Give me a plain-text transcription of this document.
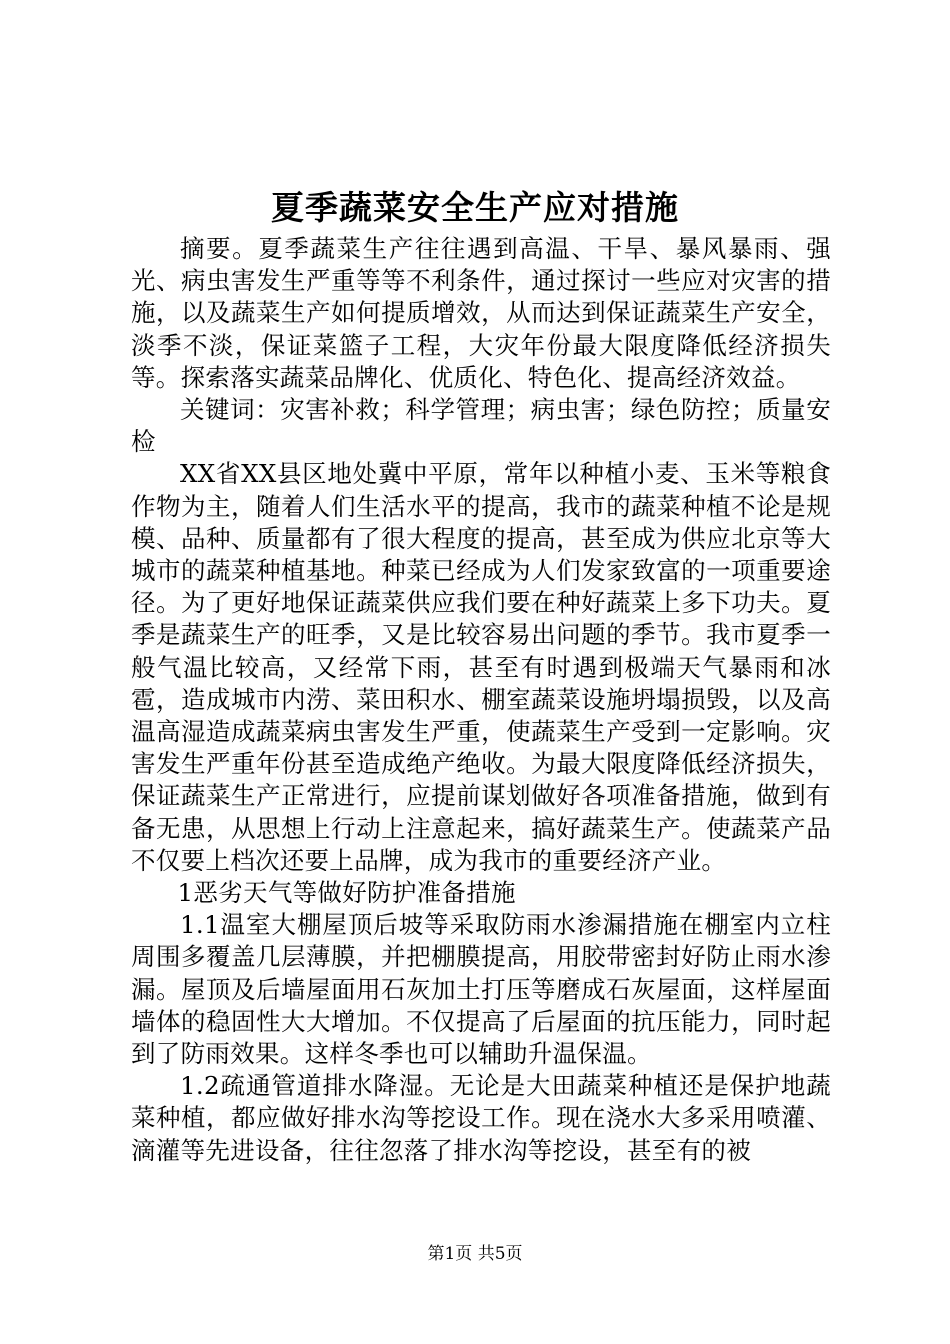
夏季蔬菜安全生产应对措施

摘要。夏季蔬菜生产往往遇到高温、干旱、暴风暴雨、强光、病虫害发生严重等等不利条件，通过探讨一些应对灾害的措施，以及蔬菜生产如何提质增效，从而达到保证蔬菜生产安全，淡季不淡，保证菜篮子工程，大灾年份最大限度降低经济损失等。探索落实蔬菜品牌化、优质化、特色化、提高经济效益。

关键词：灾害补救；科学管理；病虫害；绿色防控；质量安检

XX省XX县区地处冀中平原，常年以种植小麦、玉米等粮食作物为主，随着人们生活水平的提高，我市的蔬菜种植不论是规模、品种、质量都有了很大程度的提高，甚至成为供应北京等大城市的蔬菜种植基地。种菜已经成为人们发家致富的一项重要途径。为了更好地保证蔬菜供应我们要在种好蔬菜上多下功夫。夏季是蔬菜生产的旺季，又是比较容易出问题的季节。我市夏季一般气温比较高，又经常下雨，甚至有时遇到极端天气暴雨和冰雹，造成城市内涝、菜田积水、棚室蔬菜设施坍塌损毁，以及高温高湿造成蔬菜病虫害发生严重，使蔬菜生产受到一定影响。灾害发生严重年份甚至造成绝产绝收。为最大限度降低经济损失，保证蔬菜生产正常进行，应提前谋划做好各项准备措施，做到有备无患，从思想上行动上注意起来，搞好蔬菜生产。使蔬菜产品不仅要上档次还要上品牌，成为我市的重要经济产业。

1恶劣天气等做好防护准备措施

1.1温室大棚屋顶后坡等采取防雨水渗漏措施在棚室内立柱周围多覆盖几层薄膜，并把棚膜提高，用胶带密封好防止雨水渗漏。屋顶及后墙屋面用石灰加土打压等磨成石灰屋面，这样屋面墙体的稳固性大大增加。不仅提高了后屋面的抗压能力，同时起到了防雨效果。这样冬季也可以辅助升温保温。

1.2疏通管道排水降湿。无论是大田蔬菜种植还是保护地蔬菜种植，都应做好排水沟等挖设工作。现在浇水大多采用喷灌、滴灌等先进设备，往往忽落了排水沟等挖设，甚至有的被

第1页 共5页
